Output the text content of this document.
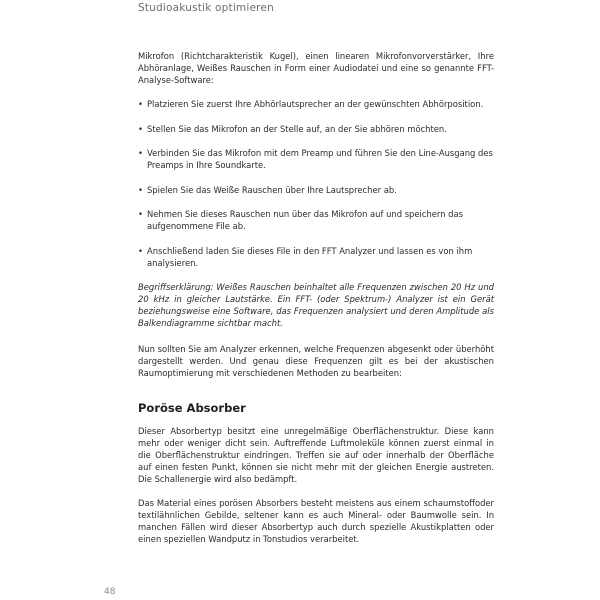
Studioakustik optimieren

Mikrofon (Richtcharakteristik Kugel), einen linearen Mikrofonvorverstärker, Ihre Abhöranlage, Weißes Rauschen in Form einer Audiodatei und eine so genannte FFT-Analyse-Software:

• Platzieren Sie zuerst Ihre Abhörlautsprecher an der gewünschten Abhörposition.
• Stellen Sie das Mikrofon an der Stelle auf, an der Sie abhören möchten.
• Verbinden Sie das Mikrofon mit dem Preamp und führen Sie den Line-Ausgang des Preamps in Ihre Soundkarte.
• Spielen Sie das Weiße Rauschen über Ihre Lautsprecher ab.
• Nehmen Sie dieses Rauschen nun über das Mikrofon auf und speichern das aufgenommene File ab.
• Anschließend laden Sie dieses File in den FFT Analyzer und lassen es von ihm analysieren.

Begriffserklärung: Weißes Rauschen beinhaltet alle Frequenzen zwischen 20 Hz und 20 kHz in gleicher Lautstärke. Ein FFT- (oder Spektrum-) Analyzer ist ein Gerät beziehungsweise eine Software, das Frequenzen analysiert und deren Amplitude als Balkendiagramme sichtbar macht.

Nun sollten Sie am Analyzer erkennen, welche Frequenzen abgesenkt oder überhöht dargestellt werden. Und genau diese Frequenzen gilt es bei der akustischen Raumoptimierung mit verschiedenen Methoden zu bearbeiten:

Poröse Absorber

Dieser Absorbertyp besitzt eine unregelmäßige Oberflächenstruktur. Diese kann mehr oder weniger dicht sein. Auftreffende Luftmoleküle können zuerst einmal in die Oberflächenstruktur eindringen. Treffen sie auf oder innerhalb der Oberfläche auf einen festen Punkt, können sie nicht mehr mit der gleichen Energie austreten. Die Schallenergie wird also bedämpft.

Das Material eines porösen Absorbers besteht meistens aus einem schaumstoffoder textilähnlichen Gebilde, seltener kann es auch Mineral- oder Baumwolle sein. In manchen Fällen wird dieser Absorbertyp auch durch spezielle Akustikplatten oder einen speziellen Wandputz in Tonstudios verarbeitet.

48
